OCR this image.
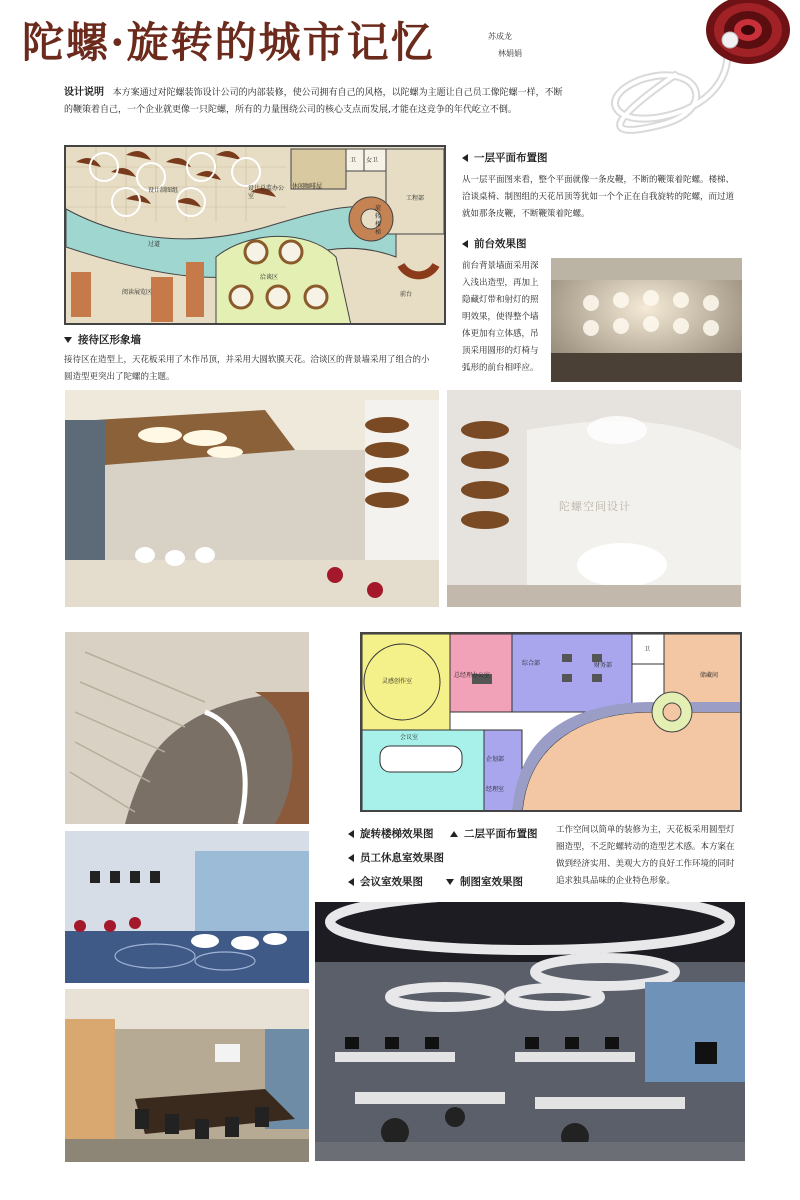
陀螺·旋转的城市记忆	苏成龙
林娟娟
设计说明 本方案通过对陀螺装饰设计公司的内部装修，使公司拥有自己的风格，以陀螺为主题让自己员工像陀螺一样，不断的鞭策着自己，一个企业就更像一只陀螺，所有的力量围绕公司的核心支点而发展,才能在这竞争的年代屹立不倒。
设计制图组	设计总监办公室
休闲咖啡屋
卫 女卫
旋转楼梯
工程部
过道
阅读展览区
洽谈区
前台
一层平面布置图
从一层平面图来看，整个平面就像一条皮鞭，不断的鞭策着陀螺。楼梯、洽谈桌椅、制图组的天花吊顶等犹如一个个正在自我旋转的陀螺，而过道就如那条皮鞭，不断鞭策着陀螺。
前台效果图
前台背景墙面采用深入浅出造型，再加上隐藏灯带和射灯的照明效果，使得整个墙体更加有立体感，吊顶采用圆形的灯椅与弧形的前台相呼应。
接待区形象墙
接待区在造型上，天花板采用了木作吊顶，并采用大圆软膜天花。洽谈区的背景墙采用了组合的小圆造型更突出了陀螺的主题。
陀螺空间设计
灵感创作室
总经理办公室
综合部	财务部
卫
储藏间
会议室
企划部
经理室
旋转楼梯效果图	二层平面布置图
员工休息室效果图
会议室效果图	制图室效果图
工作空间以简单的装修为主，天花板采用圆型灯圈造型，不乏陀螺转动的造型艺术感。本方案在做到经济实用、美观大方的良好工作环境的同时追求独具品味的企业特色形象。
